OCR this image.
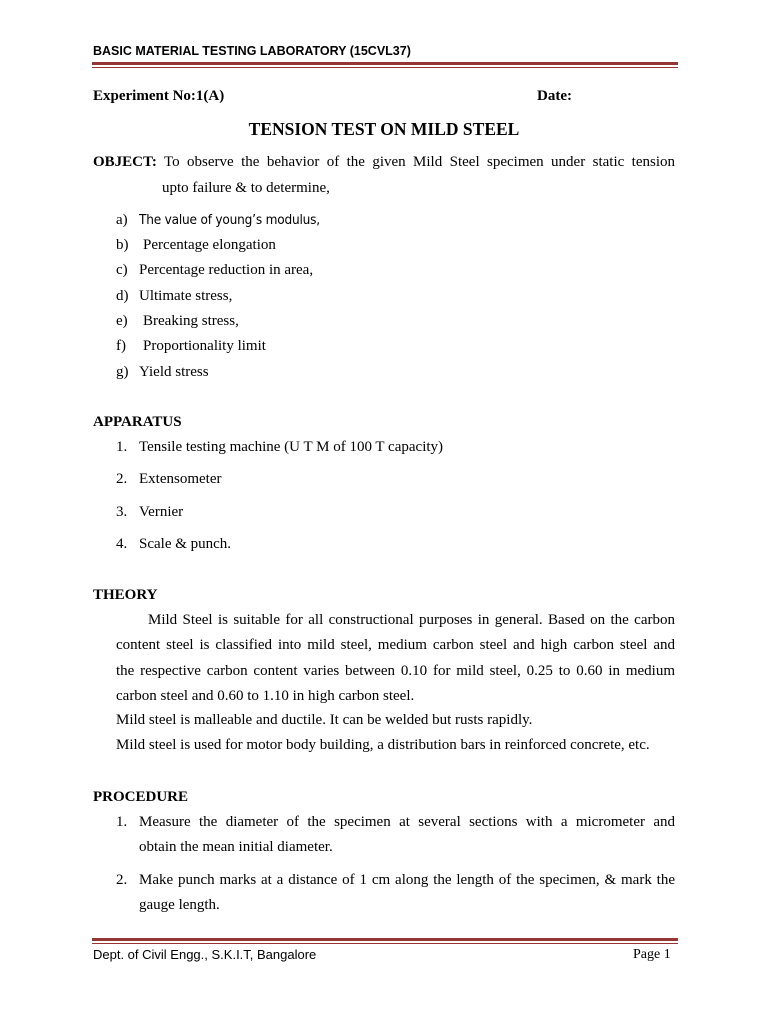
BASIC MATERIAL TESTING LABORATORY (15CVL37)
Experiment No:1(A)	Date:
TENSION TEST ON MILD STEEL
OBJECT: To observe the behavior of the given Mild Steel specimen under static tension
upto failure & to determine,
a) The value of young’s modulus,
b) Percentage elongation
c) Percentage reduction in area,
d) Ultimate stress,
e) Breaking stress,
f) Proportionality limit
g) Yield stress
APPARATUS
1. Tensile testing machine (U T M of 100 T capacity)
2. Extensometer
3. Vernier
4. Scale & punch.
THEORY
Mild Steel is suitable for all constructional purposes in general. Based on the carbon
content steel is classified into mild steel, medium carbon steel and high carbon steel and
the respective carbon content varies between 0.10 for mild steel, 0.25 to 0.60 in medium
carbon steel and 0.60 to 1.10 in high carbon steel.
Mild steel is malleable and ductile. It can be welded but rusts rapidly.
Mild steel is used for motor body building, a distribution bars in reinforced concrete, etc.
PROCEDURE
1. Measure the diameter of the specimen at several sections with a micrometer and
obtain the mean initial diameter.
2. Make punch marks at a distance of 1 cm along the length of the specimen, & mark the
gauge length.
Dept. of Civil Engg., S.K.I.T, Bangalore	Page 1
